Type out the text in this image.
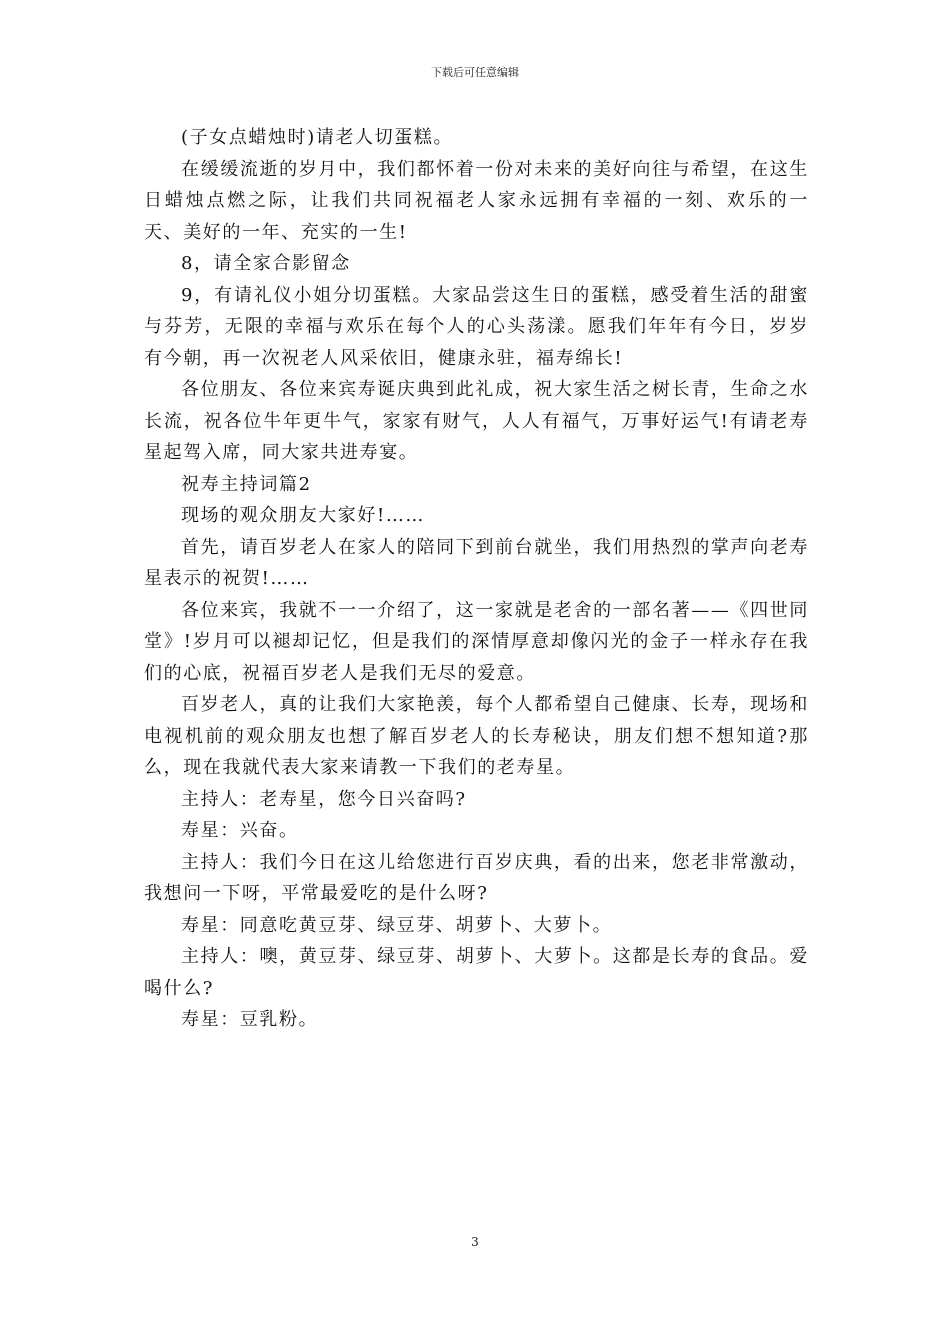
下载后可任意编辑

(子女点蜡烛时)请老人切蛋糕。

在缓缓流逝的岁月中，我们都怀着一份对未来的美好向往与希望，在这生日蜡烛点燃之际，让我们共同祝福老人家永远拥有幸福的一刻、欢乐的一天、美好的一年、充实的一生!

8，请全家合影留念

9，有请礼仪小姐分切蛋糕。大家品尝这生日的蛋糕，感受着生活的甜蜜与芬芳，无限的幸福与欢乐在每个人的心头荡漾。愿我们年年有今日，岁岁有今朝，再一次祝老人风采依旧，健康永驻，福寿绵长!

各位朋友、各位来宾寿诞庆典到此礼成，祝大家生活之树长青，生命之水长流，祝各位牛年更牛气，家家有财气，人人有福气，万事好运气!有请老寿星起驾入席，同大家共进寿宴。

祝寿主持词篇2

现场的观众朋友大家好!……

首先，请百岁老人在家人的陪同下到前台就坐，我们用热烈的掌声向老寿星表示的祝贺!……

各位来宾，我就不一一介绍了，这一家就是老舍的一部名著——《四世同堂》!岁月可以褪却记忆，但是我们的深情厚意却像闪光的金子一样永存在我们的心底，祝福百岁老人是我们无尽的爱意。

百岁老人，真的让我们大家艳羡，每个人都希望自己健康、长寿，现场和电视机前的观众朋友也想了解百岁老人的长寿秘诀，朋友们想不想知道?那么，现在我就代表大家来请教一下我们的老寿星。

主持人：老寿星，您今日兴奋吗?

寿星：兴奋。

主持人：我们今日在这儿给您进行百岁庆典，看的出来，您老非常激动，我想问一下呀，平常最爱吃的是什么呀?

寿星：同意吃黄豆芽、绿豆芽、胡萝卜、大萝卜。

主持人：噢，黄豆芽、绿豆芽、胡萝卜、大萝卜。这都是长寿的食品。爱喝什么?

寿星：豆乳粉。

3
